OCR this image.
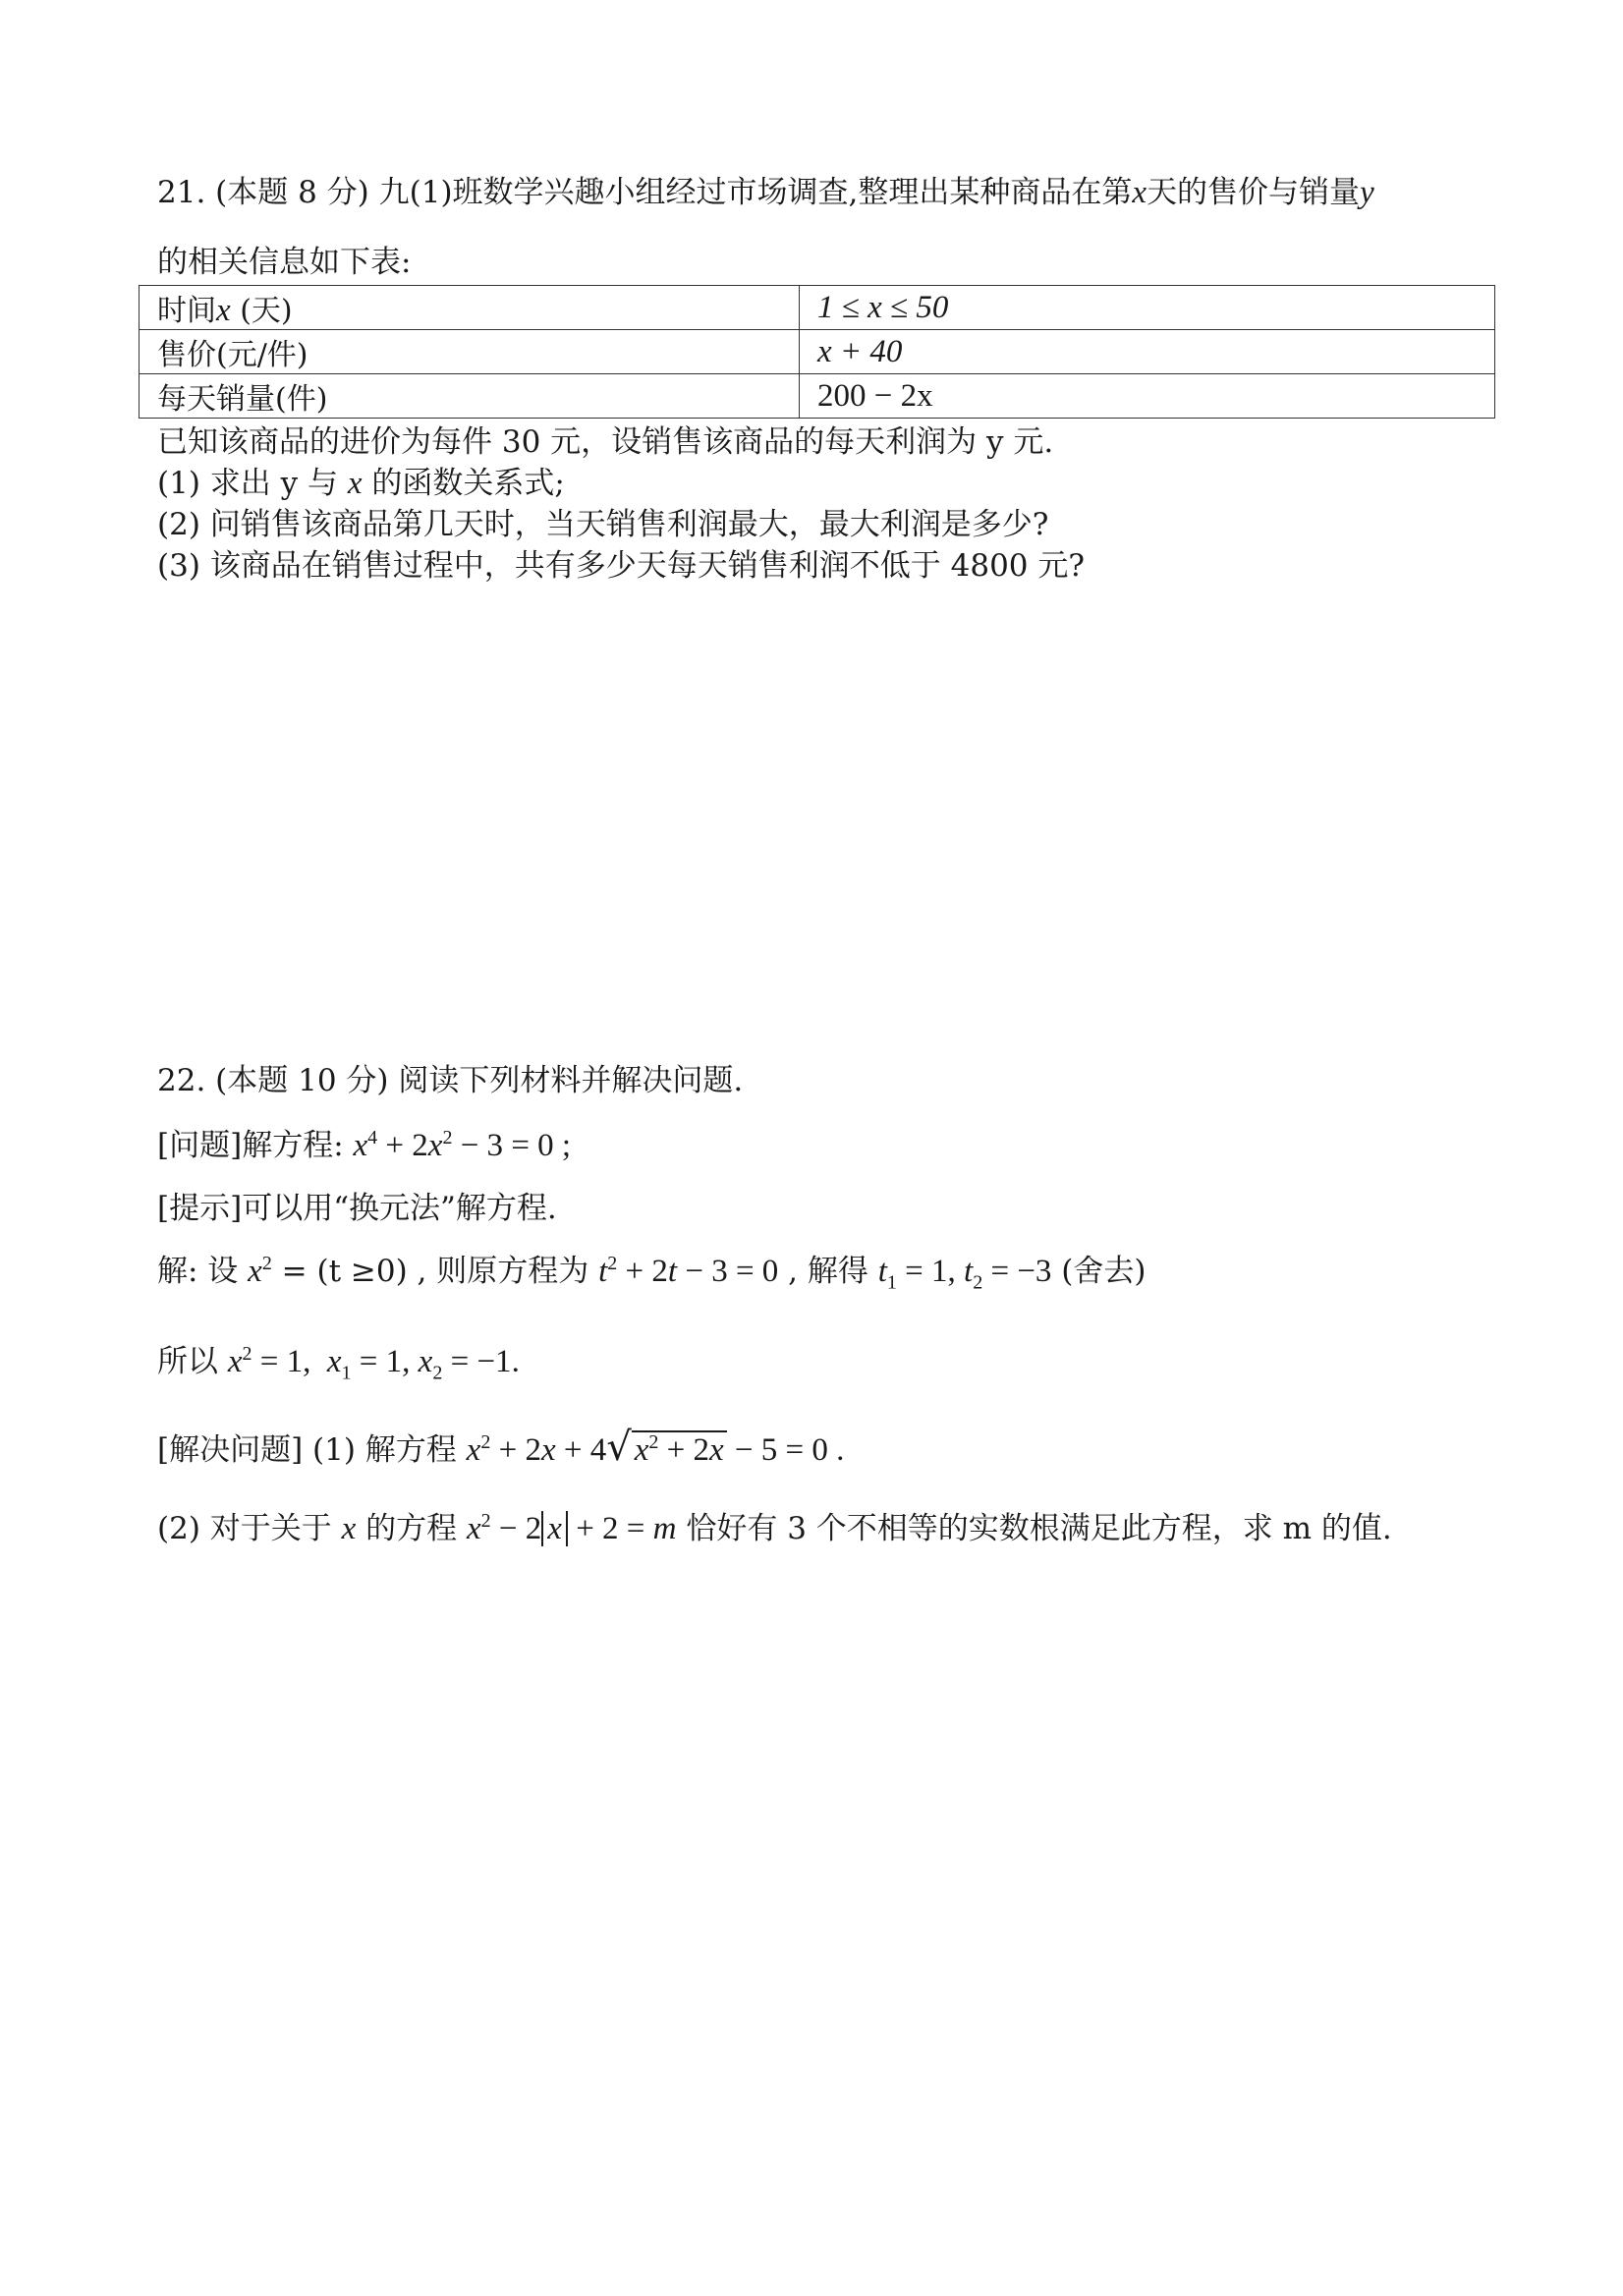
21. (本题 8 分) 九(1)班数学兴趣小组经过市场调查,整理出某种商品在第x天的售价与销量y
的相关信息如下表:
时间x (天)	1 ≤ x ≤ 50
售价(元/件)	x + 40
每天销量(件)	200 − 2x
已知该商品的进价为每件 30 元，设销售该商品的每天利润为 y 元.
(1) 求出 y 与 x 的函数关系式;
(2) 问销售该商品第几天时，当天销售利润最大，最大利润是多少?
(3) 该商品在销售过程中，共有多少天每天销售利润不低于 4800 元?
22. (本题 10 分) 阅读下列材料并解决问题.
[问题]解方程: $x^4 + 2x^2 - 3 = 0$ ;
[提示]可以用“换元法”解方程.
解: 设 $x^2 = (t \ge 0)$ , 则原方程为 $t^2 + 2t - 3 = 0$ , 解得 $t_1 = 1$, $t_2 = -3$ (舍去)
所以 $x^2 = 1$,  $x_1 = 1$, $x_2 = -1$.
[解决问题] (1) 解方程 $x^2 + 2x + 4√x^2 + 2x - 5 = 0$ .
(2) 对于关于 x 的方程 $x^2 - 2$ x + 2 = m 恰好有 3 个不相等的实数根满足此方程，求 m 的值.
